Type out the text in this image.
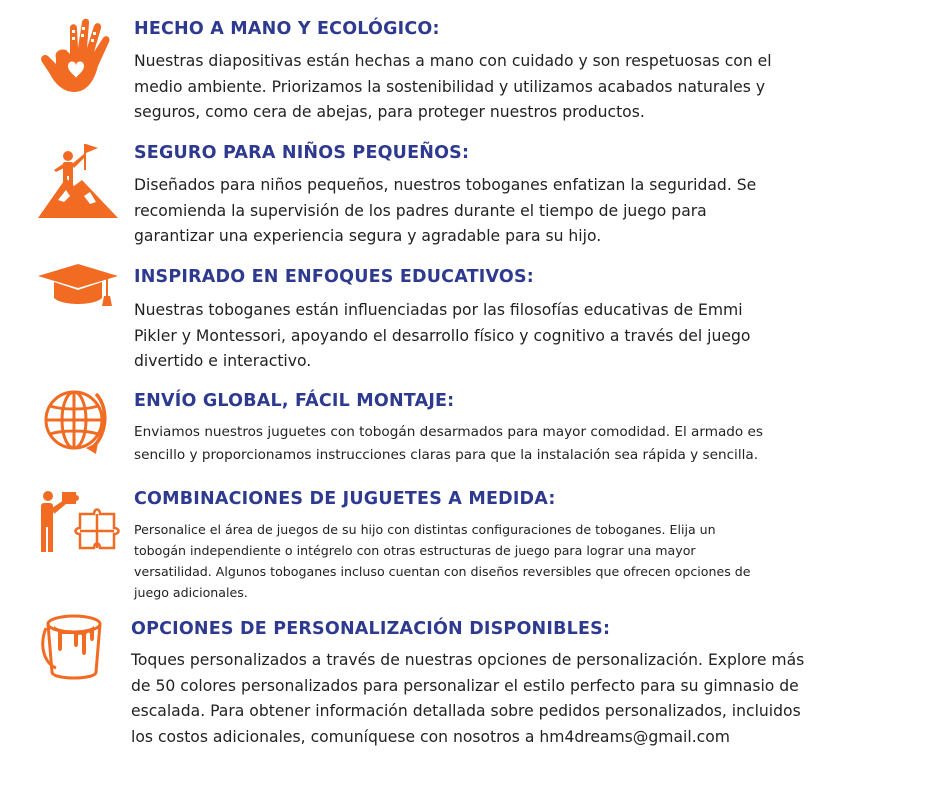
HECHO A MANO Y ECOLÓGICO:

Nuestras diapositivas están hechas a mano con cuidado y son respetuosas con el
medio ambiente. Priorizamos la sostenibilidad y utilizamos acabados naturales y
seguros, como cera de abejas, para proteger nuestros productos.

SEGURO PARA NIÑOS PEQUEÑOS:

Diseñados para niños pequeños, nuestros toboganes enfatizan la seguridad. Se
recomienda la supervisión de los padres durante el tiempo de juego para
garantizar una experiencia segura y agradable para su hijo.

INSPIRADO EN ENFOQUES EDUCATIVOS:

Nuestras toboganes están influenciadas por las filosofías educativas de Emmi
Pikler y Montessori, apoyando el desarrollo físico y cognitivo a través del juego
divertido e interactivo.

ENVÍO GLOBAL, FÁCIL MONTAJE:

Enviamos nuestros juguetes con tobogán desarmados para mayor comodidad. El armado es
sencillo y proporcionamos instrucciones claras para que la instalación sea rápida y sencilla.

COMBINACIONES DE JUGUETES A MEDIDA:

Personalice el área de juegos de su hijo con distintas configuraciones de toboganes. Elija un
tobogán independiente o intégrelo con otras estructuras de juego para lograr una mayor
versatilidad. Algunos toboganes incluso cuentan con diseños reversibles que ofrecen opciones de
juego adicionales.

OPCIONES DE PERSONALIZACIÓN DISPONIBLES:

Toques personalizados a través de nuestras opciones de personalización. Explore más
de 50 colores personalizados para personalizar el estilo perfecto para su gimnasio de
escalada. Para obtener información detallada sobre pedidos personalizados, incluidos
los costos adicionales, comuníquese con nosotros a hm4dreams@gmail.com
